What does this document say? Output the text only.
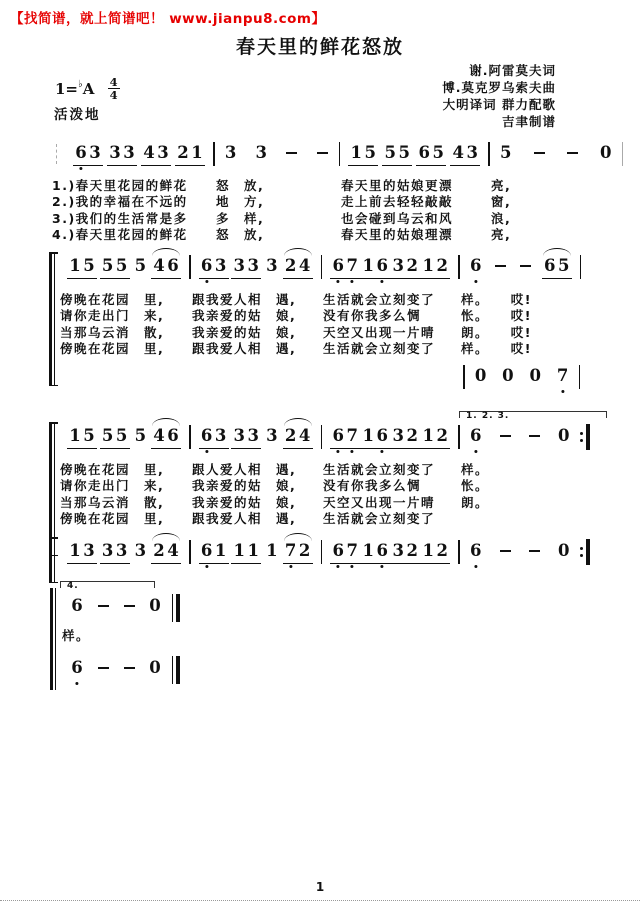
【找简谱，就上简谱吧！ www.jianpu8.com】
春天里的鲜花怒放
谢.阿雷莫夫词
博.莫克罗乌索夫曲
大明译词 群力配歌
吉聿制谱
$1=^♭A \frac{4}{4}$
活泼地
1
6 3 3 3 4 3 2 1 3 3	1 5 5 5 6 5 4 3 5	0
1.)春天里花园的鲜花 怒　放,	春天里的姑娘更漂	亮,
2.)我的幸福在不远的 地　方,	走上前去轻轻敲敲	窗,
3.)我们的生活常是多 多　样,	也会碰到乌云和风	浪,
4.)春天里花园的鲜花 怒　放,	春天里的姑娘理漂	亮,
1 5 5 5 5 4 6 6 3 3 3 3 2 4 6 7 1 6 3 2 1 2 6	6 5
傍晚在花园　里, 跟我爱人相　遇, 生活就会立刻变了 样。　　哎!
请你走出门　来, 我亲爱的姑　娘, 没有你我多么惆	怅。　　哎!
当那乌云消　散, 我亲爱的姑　娘, 天空又出现一片晴 朗。　　哎!
傍晚在花园　里, 跟我爱人相　遇, 生活就会立刻变了 样。　　哎!
0 0 0 7
1 5 5 5 5 4 6 6 3 3 3 3 2 4 6 7 1 6 3 2 1 2 6	0
1. 2. 3.
傍晚在花园　里, 跟人爱人相　遇, 生活就会立刻变了 样。
请你走出门　来, 我亲爱的姑　娘, 没有你我多么惆	怅。
当那乌云消　散, 我亲爱的姑　娘, 天空又出现一片晴 朗。
傍晚在花园　里, 跟我爱人相　遇, 生活就会立刻变了
1 3 3 3 3 2 4 6 1 1 1 1 7 2 6 7 1 6 3 2 1 2 6	0
6	0
4.
样。
6	0
